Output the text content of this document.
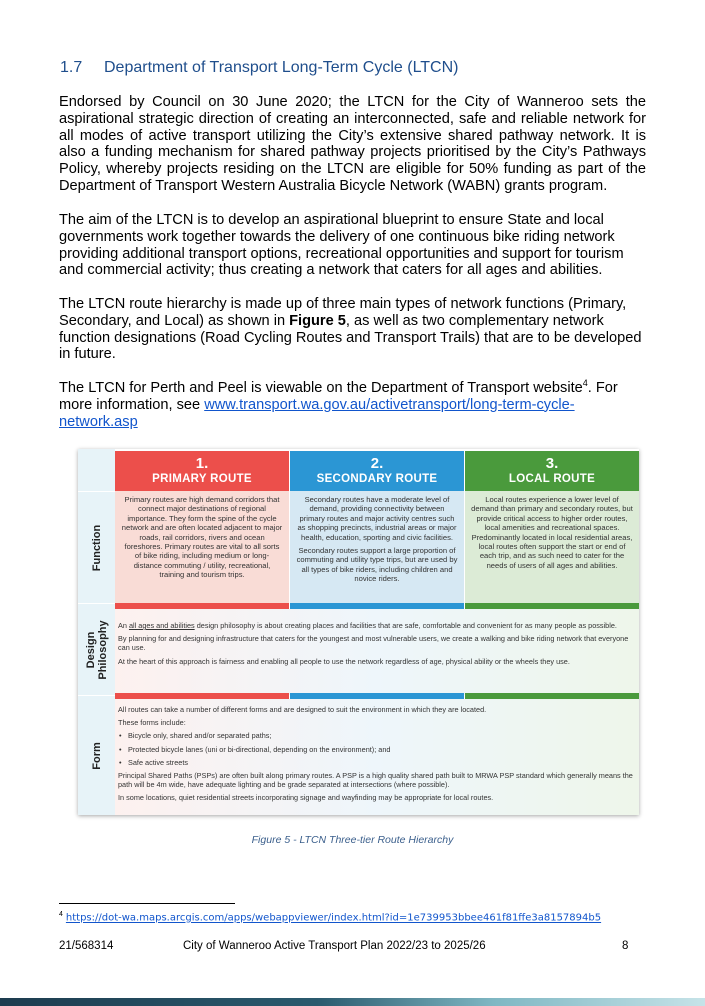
1.7 Department of Transport Long-Term Cycle (LTCN)
Endorsed by Council on 30 June 2020; the LTCN for the City of Wanneroo sets the aspirational strategic direction of creating an interconnected, safe and reliable network for all modes of active transport utilizing the City’s extensive shared pathway network. It is also a funding mechanism for shared pathway projects prioritised by the City’s Pathways Policy, whereby projects residing on the LTCN are eligible for 50% funding as part of the Department of Transport Western Australia Bicycle Network (WABN) grants program.
The aim of the LTCN is to develop an aspirational blueprint to ensure State and local governments work together towards the delivery of one continuous bike riding network providing additional transport options, recreational opportunities and support for tourism and commercial activity; thus creating a network that caters for all ages and abilities.
The LTCN route hierarchy is made up of three main types of network functions (Primary, Secondary, and Local) as shown in Figure 5, as well as two complementary network function designations (Road Cycling Routes and Transport Trails) that are to be developed in future.
The LTCN for Perth and Peel is viewable on the Department of Transport website$^4$. For more information, see www.transport.wa.gov.au/activetransport/long-term-cycle-network.asp
1.
PRIMARY ROUTE
2.
SECONDARY ROUTE
3.
LOCAL ROUTE
Function
Design
Philosophy
Form
Primary routes are high demand corridors that connect major destinations of regional importance. They form the spine of the cycle network and are often located adjacent to major roads, rail corridors, rivers and ocean foreshores. Primary routes are vital to all sorts of bike riding, including medium or long-distance commuting / utility, recreational, training and tourism trips.
Secondary routes have a moderate level of demand, providing connectivity between primary routes and major activity centres such as shopping precincts, industrial areas or major health, education, sporting and civic facilities.
Secondary routes support a large proportion of commuting and utility type trips, but are used by all types of bike riders, including children and novice riders.
Local routes experience a lower level of demand than primary and secondary routes, but provide critical access to higher order routes, local amenities and recreational spaces. Predominantly located in local residential areas, local routes often support the start or end of each trip, and as such need to cater for the needs of users of all ages and abilities.

An all ages and abilities design philosophy is about creating places and facilities that are safe, comfortable and convenient for as many people as possible.

By planning for and designing infrastructure that caters for the youngest and most vulnerable users, we create a walking and bike riding network that everyone can use.

At the heart of this approach is fairness and enabling all people to use the network regardless of age, physical ability or the wheels they use.

All routes can take a number of different forms and are designed to suit the environment in which they are located.

These forms include:

• Bicycle only, shared and/or separated paths;

• Protected bicycle lanes (uni or bi-directional, depending on the environment); and

• Safe active streets

Principal Shared Paths (PSPs) are often built along primary routes. A PSP is a high quality shared path built to MRWA PSP standard which generally means the path will be 4m wide, have adequate lighting and be grade separated at intersections (where possible).

In some locations, quiet residential streets incorporating signage and wayfinding may be appropriate for local routes.

Figure 5 - LTCN Three-tier Route Hierarchy
$^4$ https://dot-wa.maps.arcgis.com/apps/webappviewer/index.html?id=1e739953bbee461f81ffe3a8157894b5
21/568314	City of Wanneroo Active Transport Plan 2022/23 to 2025/26	8
